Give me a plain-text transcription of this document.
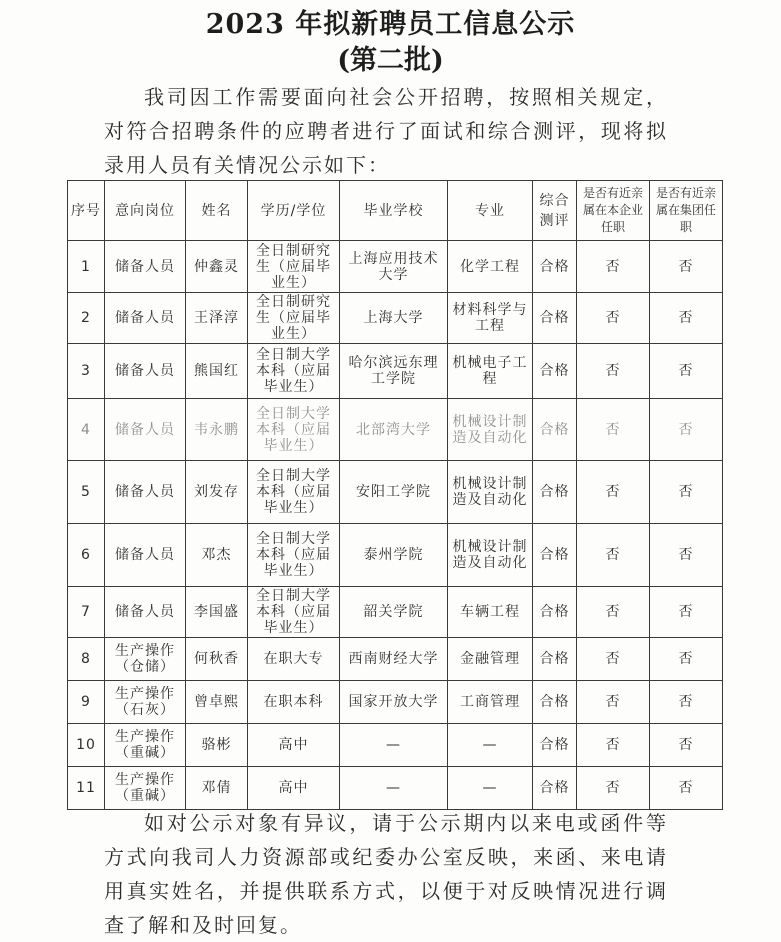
2023 年拟新聘员工信息公示
(第二批)
我司因工作需要面向社会公开招聘，按照相关规定，对符合招聘条件的应聘者进行了面试和综合测评，现将拟录用人员有关情况公示如下：
序号	意向岗位	姓名	学历/学位	毕业学校	专业	综合测评	是否有近亲属在本企业任职	是否有近亲属在集团任职
1	储备人员	仲鑫灵	全日制研究生（应届毕业生）	上海应用技术大学	化学工程	合格	否	否
2	储备人员	王泽淳	全日制研究生（应届毕业生）	上海大学	材料科学与工程	合格	否	否
3	储备人员	熊国红	全日制大学本科（应届毕业生）	哈尔滨远东理工学院	机械电子工程	合格	否	否
4	储备人员	韦永鹏	全日制大学本科（应届毕业生）	北部湾大学	机械设计制造及自动化	合格	否	否
5	储备人员	刘发存	全日制大学本科（应届毕业生）	安阳工学院	机械设计制造及自动化	合格	否	否
6	储备人员	邓杰	全日制大学本科（应届毕业生）	泰州学院	机械设计制造及自动化	合格	否	否
7	储备人员	李国盛	全日制大学本科（应届毕业生）	韶关学院	车辆工程	合格	否	否
8	生产操作（仓储）	何秋香	在职大专	西南财经大学	金融管理	合格	否	否
9	生产操作（石灰）	曾卓熙	在职本科	国家开放大学	工商管理	合格	否	否
10	生产操作（重碱）	骆彬	高中	—	—	合格	否	否
11	生产操作（重碱）	邓倩	高中	—	—	合格	否	否
如对公示对象有异议，请于公示期内以来电或函件等方式向我司人力资源部或纪委办公室反映，来函、来电请用真实姓名，并提供联系方式，以便于对反映情况进行调查了解和及时回复。
